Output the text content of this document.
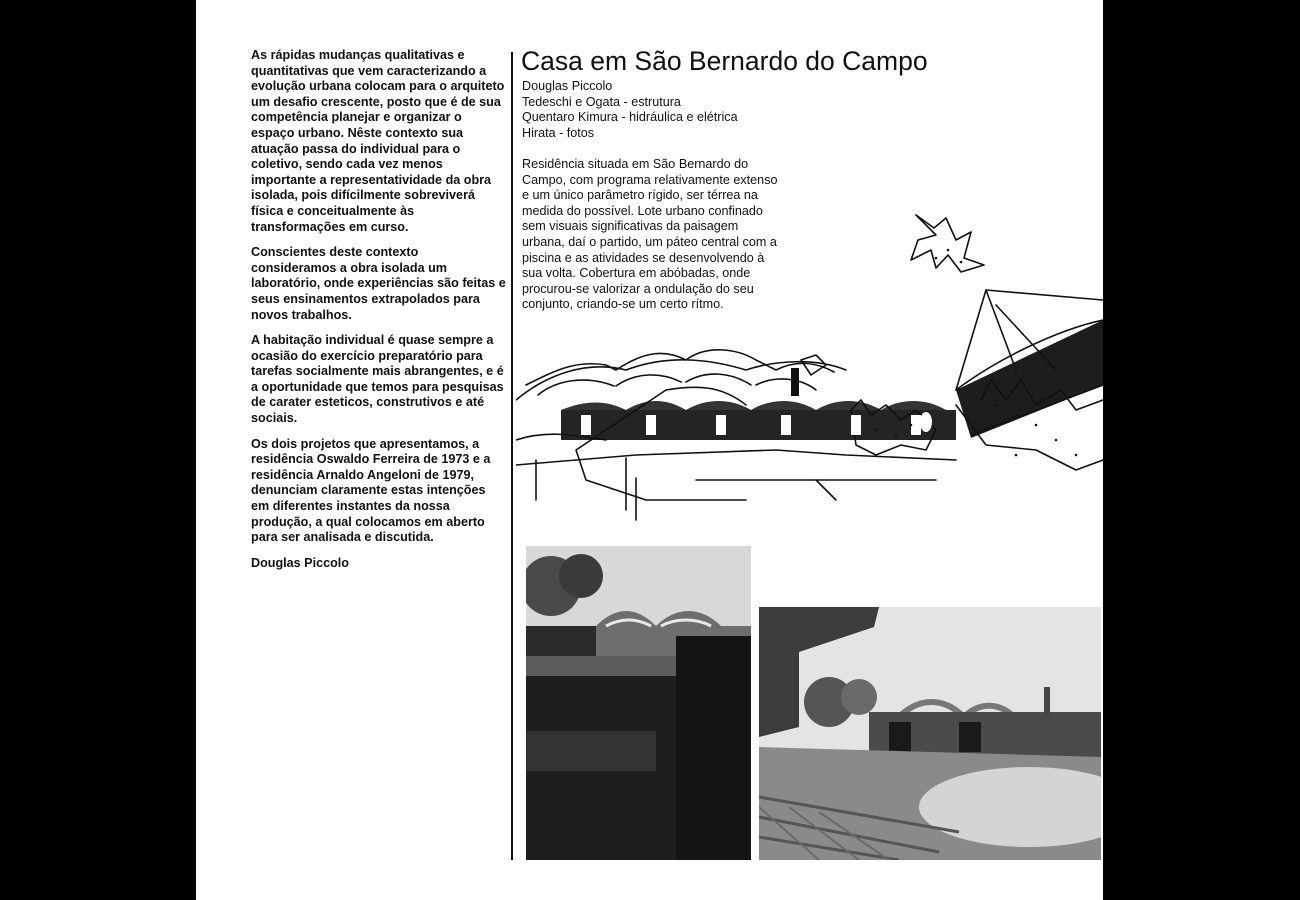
As rápidas mudanças qualitativas e quantitativas que vem caracterizando a evolução urbana colocam para o arquiteto um desafio crescente, posto que é de sua competência planejar e organizar o espaço urbano. Nêste contexto sua atuação passa do individual para o coletivo, sendo cada vez menos importante a representatividade da obra isolada, pois difícilmente sobreviverá física e conceitualmente às transformações em curso.

Conscientes deste contexto consideramos a obra isolada um laboratório, onde experiências são feitas e seus ensinamentos extrapolados para novos trabalhos.

A habitação individual é quase sempre a ocasião do exercício preparatório para tarefas socialmente mais abrangentes, e é a oportunidade que temos para pesquisas de carater esteticos, construtivos e até sociais.

Os dois projetos que apresentamos, a residência Oswaldo Ferreira de 1973 e a residência Arnaldo Angeloni de 1979, denunciam claramente estas intenções em diferentes instantes da nossa produção, a qual colocamos em aberto para ser analisada e discutida.

Douglas Piccolo

Casa em São Bernardo do Campo
Douglas Piccolo
Tedeschi e Ogata - estrutura
Quentaro Kimura - hidráulica e elétrica
Hirata - fotos

Residência situada em São Bernardo do Campo, com programa relativamente extenso e um único parâmetro rígido, ser térrea na medida do possível. Lote urbano confinado sem visuais significativas da paisagem urbana, daí o partido, um páteo central com a piscina e as atividades se desenvolvendo à sua volta. Cobertura em abóbadas, onde procurou-se valorizar a ondulação do seu conjunto, criando-se um certo rítmo.
